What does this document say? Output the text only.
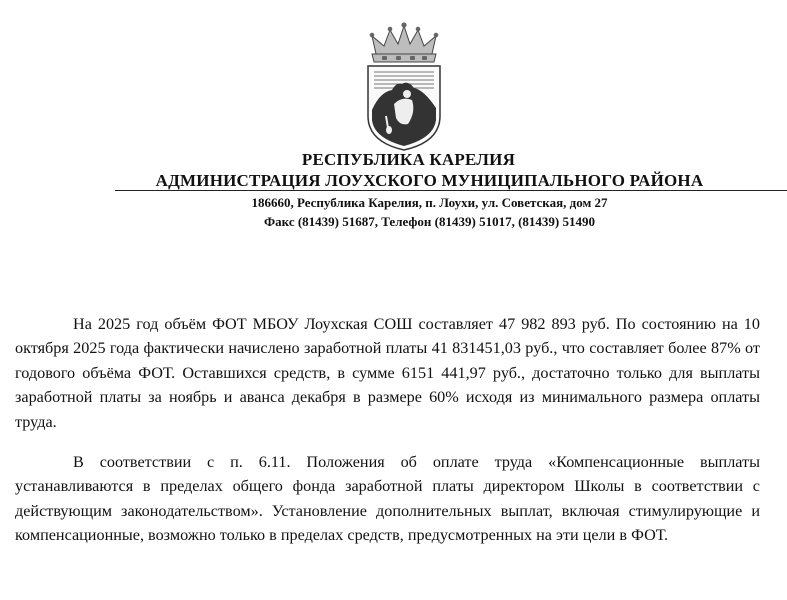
РЕСПУБЛИКА КАРЕЛИЯ
АДМИНИСТРАЦИЯ ЛОУХСКОГО МУНИЦИПАЛЬНОГО РАЙОНА
186660, Республика Карелия, п. Лоухи, ул. Советская, дом 27
Факс (81439) 51687, Телефон (81439) 51017, (81439) 51490

На 2025 год объём ФОТ МБОУ Лоухская СОШ составляет 47 982 893 руб. По состоянию на 10 октября 2025 года фактически начислено заработной платы 41 831451,03 руб., что составляет более 87% от годового объёма ФОТ. Оставшихся средств, в сумме 6151 441,97 руб., достаточно только для выплаты заработной платы за ноябрь и аванса декабря в размере 60% исходя из минимального размера оплаты труда.

В соответствии с п. 6.11. Положения об оплате труда «Компенсационные выплаты устанавливаются в пределах общего фонда заработной платы директором Школы в соответствии с действующим законодательством». Установление дополнительных выплат, включая стимулирующие и компенсационные, возможно только в пределах средств, предусмотренных на эти цели в ФОТ.
